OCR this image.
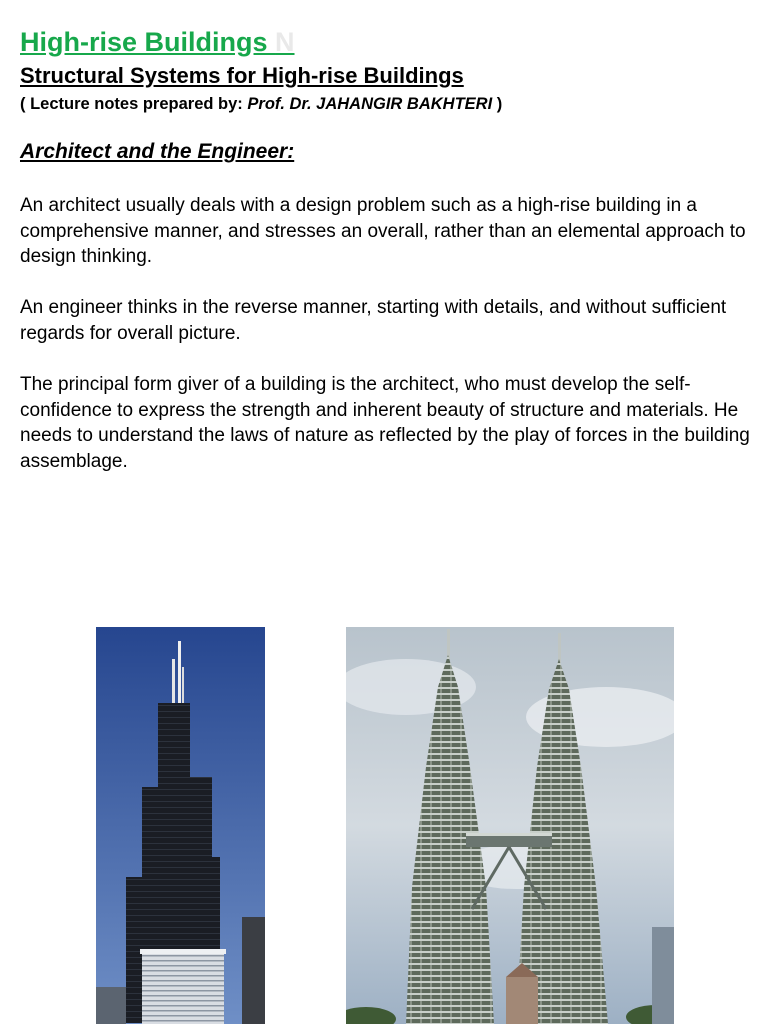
High-rise Buildings N
Structural Systems for High-rise Buildings
( Lecture notes prepared by: Prof. Dr. JAHANGIR BAKHTERI )
Architect and the Engineer:

An architect usually deals with a design problem such as a high-rise building in a comprehensive manner, and stresses an overall, rather than an elemental approach to design thinking.

An engineer thinks in the reverse manner, starting with details, and without sufficient regards for overall picture.

The principal form giver of a building is the architect, who must develop the self-confidence to express the strength and inherent beauty of structure and materials. He needs to understand the laws of nature as reflected by the play of forces in the building assemblage.
